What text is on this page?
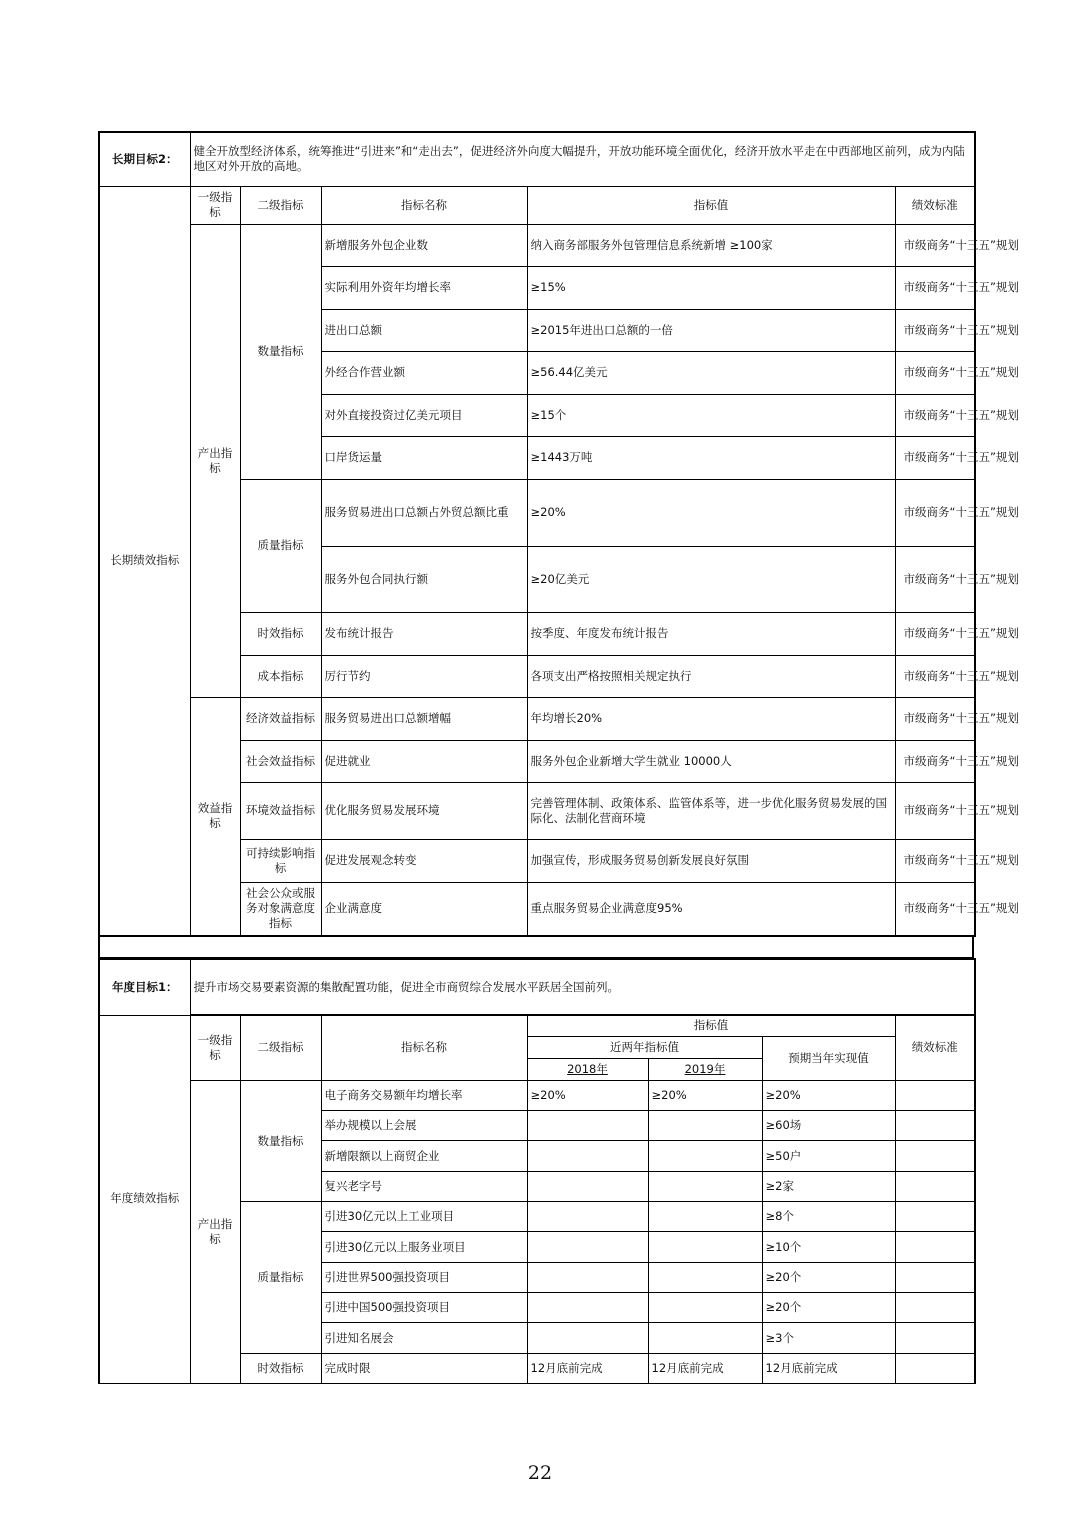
长期目标2：	健全开放型经济体系，统筹推进“引进来”和“走出去”，促进经济外向度大幅提升，开放功能环境全面优化，经济开放水平走在中西部地区前列，成为内陆地区对外开放的高地。				
长期绩效指标	一级指标	二级指标	指标名称	指标值	绩效标准
	产出指标	数量指标	新增服务外包企业数	纳入商务部服务外包管理信息系统新增 ≥100家	市级商务“十三五”规划
			实际利用外资年均增长率	≥15%	市级商务“十三五”规划
			进出口总额	≥2015年进出口总额的一倍	市级商务“十三五”规划
			外经合作营业额	≥56.44亿美元	市级商务“十三五”规划
			对外直接投资过亿美元项目	≥15个	市级商务“十三五”规划
			口岸货运量	≥1443万吨	市级商务“十三五”规划
		质量指标	服务贸易进出口总额占外贸总额比重	≥20%	市级商务“十三五”规划
			服务外包合同执行额	≥20亿美元	市级商务“十三五”规划
		时效指标	发布统计报告	按季度、年度发布统计报告	市级商务“十三五”规划
		成本指标	厉行节约	各项支出严格按照相关规定执行	市级商务“十三五”规划
	效益指标	经济效益指标	服务贸易进出口总额增幅	年均增长20%	市级商务“十三五”规划
		社会效益指标	促进就业	服务外包企业新增大学生就业 10000人	市级商务“十三五”规划
		环境效益指标	优化服务贸易发展环境	完善管理体制、政策体系、监管体系等，进一步优化服务贸易发展的国际化、法制化营商环境	市级商务“十三五”规划
		可持续影响指标	促进发展观念转变	加强宣传，形成服务贸易创新发展良好氛围	市级商务“十三五”规划
		社会公众或服务对象满意度指标	企业满意度	重点服务贸易企业满意度95%	市级商务“十三五”规划
年度目标1：	提升市场交易要素资源的集散配置功能，促进全市商贸综合发展水平跃居全国前列。
年度绩效指标	一级指标	二级指标	指标名称	指标值			绩效标准
				近两年指标值		预期当年实现值	
				2018年	2019年		
	产出指标	数量指标	电子商务交易额年均增长率	≥20%	≥20%	≥20%	
			举办规模以上会展			≥60场	
			新增限额以上商贸企业			≥50户	
			复兴老字号			≥2家	
		质量指标	引进30亿元以上工业项目			≥8个	
			引进30亿元以上服务业项目			≥10个	
			引进世界500强投资项目			≥20个	
			引进中国500强投资项目			≥20个	
			引进知名展会			≥3个	
		时效指标	完成时限	12月底前完成	12月底前完成	12月底前完成	
22
